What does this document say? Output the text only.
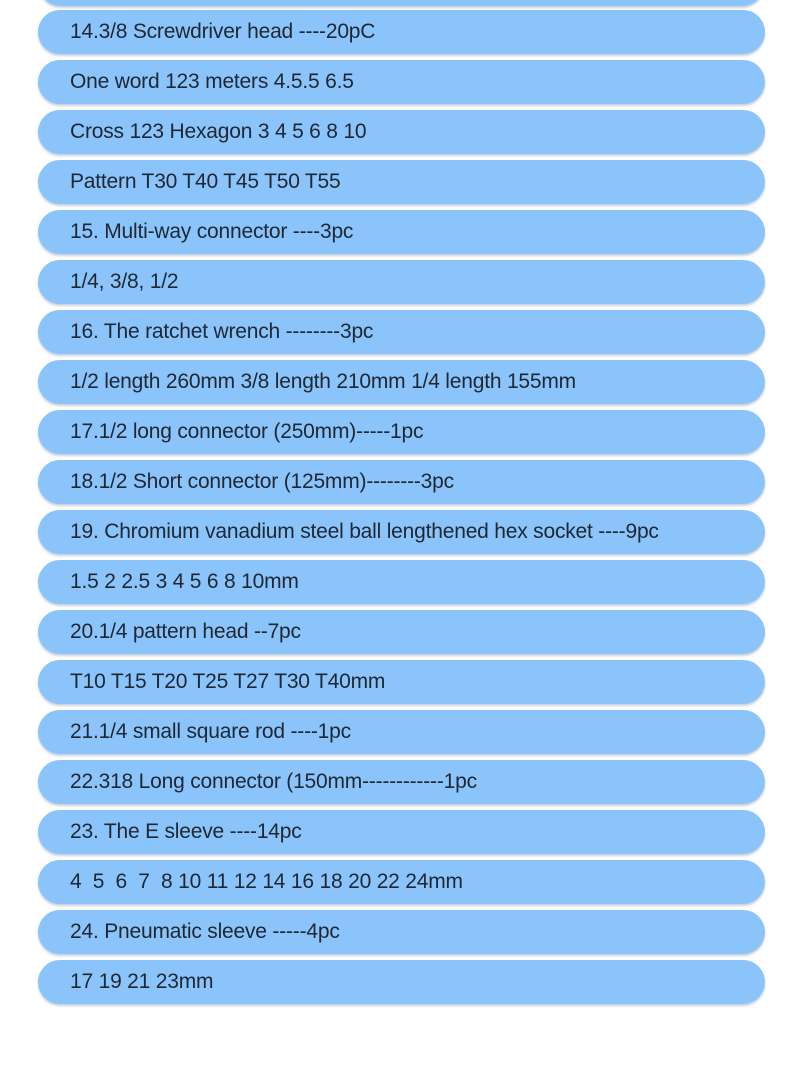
14.3/8 Screwdriver head ----20pC
One word 123 meters 4.5.5 6.5
Cross 123 Hexagon 3 4 5 6 8 10
Pattern T30 T40 T45 T50 T55
15. Multi-way connector ----3pc
1/4, 3/8, 1/2
16. The ratchet wrench --------3pc
1/2 length 260mm 3/8 length 210mm 1/4 length 155mm
17.1/2 long connector (250mm)-----1pc
18.1/2 Short connector (125mm)--------3pc
19. Chromium vanadium steel ball lengthened hex socket ----9pc
1.5 2 2.5 3 4 5 6 8 10mm
20.1/4 pattern head --7pc
T10 T15 T20 T25 T27 T30 T40mm
21.1/4 small square rod ----1pc
22.318 Long connector (150mm------------1pc
23. The E sleeve ----14pc
4  5  6  7  8 10 11 12 14 16 18 20 22 24mm
24. Pneumatic sleeve -----4pc
17 19 21 23mm
